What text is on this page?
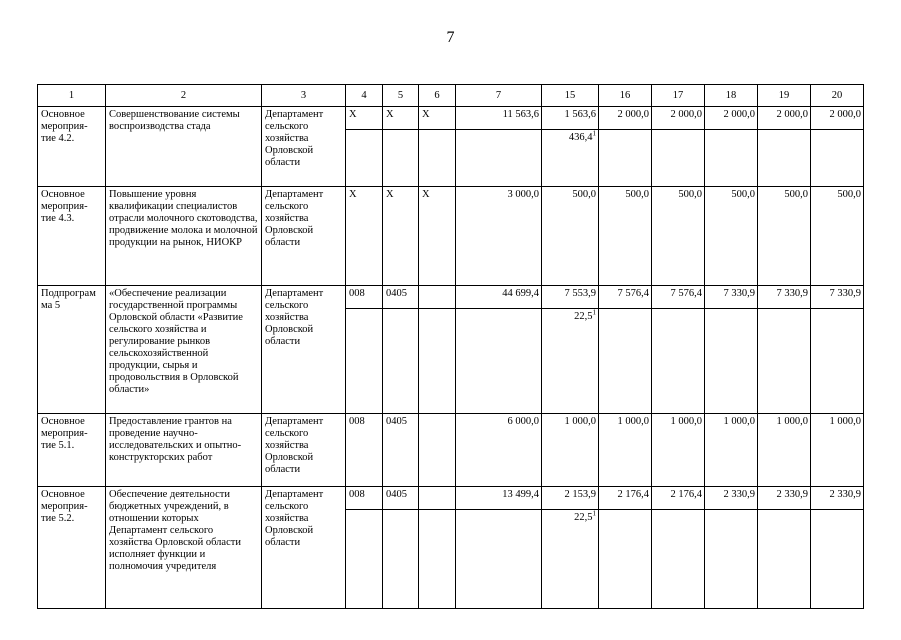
7
1	2	3	4	5	6	7	15	16	17	18	19	20
Основное мероприя-тие 4.2.	Совершенствование системы воспроизводства стада	Департамент сельского хозяйства Орловской области	Х	Х	Х	11 563,6	1 563,6	2 000,0	2 000,0	2 000,0	2 000,0	2 000,0
							436,4$^1$					
Основное мероприя-тие 4.3.	Повышение уровня квалификации специалистов отрасли молочного скотоводства, продвижение молока и молочной продукции на рынок, НИОКР	Департамент сельского хозяйства Орловской области	Х	Х	Х	3 000,0	500,0	500,0	500,0	500,0	500,0	500,0
Подпрограм ма 5	«Обеспечение реализации государственной программы Орловской области «Развитие сельского хозяйства и регулирование рынков сельскохозяйственной продукции, сырья и продовольствия в Орловской области»	Департамент сельского хозяйства Орловской области	008	0405		44 699,4	7 553,9	7 576,4	7 576,4	7 330,9	7 330,9	7 330,9
							22,5$^1$					
Основное мероприя-тие 5.1.	Предоставление грантов на проведение научно-исследовательских и опытно-конструкторских работ	Департамент сельского хозяйства Орловской области	008	0405		6 000,0	1 000,0	1 000,0	1 000,0	1 000,0	1 000,0	1 000,0
Основное мероприя-тие 5.2.	Обеспечение деятельности бюджетных учреждений, в отношении которых Департамент сельского хозяйства Орловской области исполняет функции и полномочия учредителя	Департамент сельского хозяйства Орловской области	008	0405		13 499,4	2 153,9	2 176,4	2 176,4	2 330,9	2 330,9	2 330,9
							22,5$^1$					
